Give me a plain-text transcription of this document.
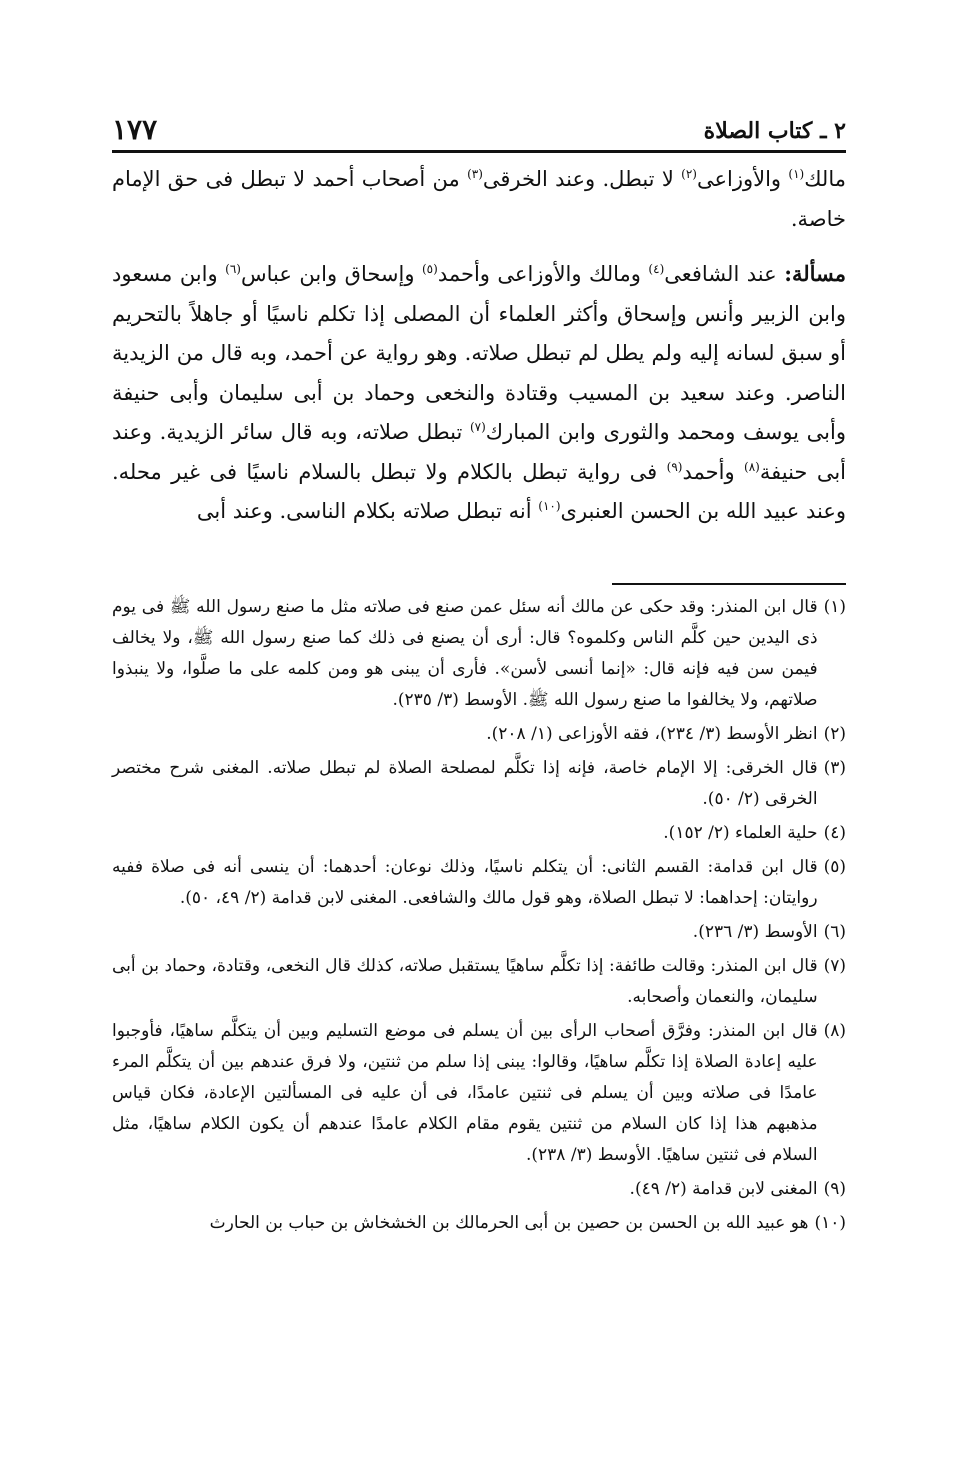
٢ ـ كتاب الصلاة
١٧٧

مالك$^{(١)}$ والأوزاعى$^{(٢)}$ لا تبطل. وعند الخرقى$^{(٣)}$ من أصحاب أحمد لا تبطل فى حق الإمام خاصة.

مسألة: عند الشافعى$^{(٤)}$ ومالك والأوزاعى وأحمد$^{(٥)}$ وإسحاق وابن عباس$^{(٦)}$ وابن مسعود وابن الزبير وأنس وإسحاق وأكثر العلماء أن المصلى إذا تكلم ناسيًا أو جاهلاً بالتحريم أو سبق لسانه إليه ولم يطل لم تبطل صلاته. وهو رواية عن أحمد، وبه قال من الزيدية الناصر. وعند سعيد بن المسيب وقتادة والنخعى وحماد بن أبى سليمان وأبى حنيفة وأبى يوسف ومحمد والثورى وابن المبارك$^{(٧)}$ تبطل صلاته، وبه قال سائر الزيدية. وعند أبى حنيفة$^{(٨)}$ وأحمد$^{(٩)}$ فى رواية تبطل بالكلام ولا تبطل بالسلام ناسيًا فى غير محله. وعند عبيد الله بن الحسن العنبرى$^{(١٠)}$ أنه تبطل صلاته بكلام الناسى. وعند أبى

(١)
قال ابن المنذر: وقد حكى عن مالك أنه سئل عمن صنع فى صلاته مثل ما صنع رسول الله ﷺ فى يوم ذى اليدين حين كلَّم الناس وكلموه؟ قال: أرى أن يصنع فى ذلك كما صنع رسول الله ﷺ، ولا يخالف فيمن سن فيه فإنه قال: «إنما أنسى لأسن». فأرى أن يبنى هو ومن كلمه على ما صلَّوا، ولا ينبذوا صلاتهم، ولا يخالفوا ما صنع رسول الله ﷺ. الأوسط (٣/ ٢٣٥).
(٢)
انظر الأوسط (٣/ ٢٣٤)، فقه الأوزاعى (١/ ٢٠٨).
(٣)
قال الخرقى: إلا الإمام خاصة، فإنه إذا تكلَّم لمصلحة الصلاة لم تبطل صلاته. المغنى شرح مختصر الخرقى (٢/ ٥٠).
(٤)
حلية العلماء (٢/ ١٥٢).
(٥)
قال ابن قدامة: القسم الثانى: أن يتكلم ناسيًا، وذلك نوعان: أحدهما: أن ينسى أنه فى صلاة ففيه روايتان: إحداهما: لا تبطل الصلاة، وهو قول مالك والشافعى. المغنى لابن قدامة (٢/ ٤٩، ٥٠).
(٦)
الأوسط (٣/ ٢٣٦).
(٧)
قال ابن المنذر: وقالت طائفة: إذا تكلَّم ساهيًا يستقبل صلاته، كذلك قال النخعى، وقتادة، وحماد بن أبى سليمان، والنعمان وأصحابه.
(٨)
قال ابن المنذر: وفرَّق أصحاب الرأى بين أن يسلم فى موضع التسليم وبين أن يتكلَّم ساهيًا، فأوجبوا عليه إعادة الصلاة إذا تكلَّم ساهيًا، وقالوا: يبنى إذا سلم من ثنتين، ولا فرق عندهم بين أن يتكلَّم المرء عامدًا فى صلاته وبين أن يسلم فى ثنتين عامدًا، فى أن عليه فى المسألتين الإعادة، فكان قياس مذهبهم هذا إذا كان السلام من ثنتين يقوم مقام الكلام عامدًا عندهم أن يكون الكلام ساهيًا، مثل السلام فى ثنتين ساهيًا. الأوسط (٣/ ٢٣٨).
(٩)
المغنى لابن قدامة (٢/ ٤٩).
(١٠)
هو عبيد الله بن الحسن بن حصين بن أبى الحرمالك بن الخشخاش بن حباب بن الحارث
